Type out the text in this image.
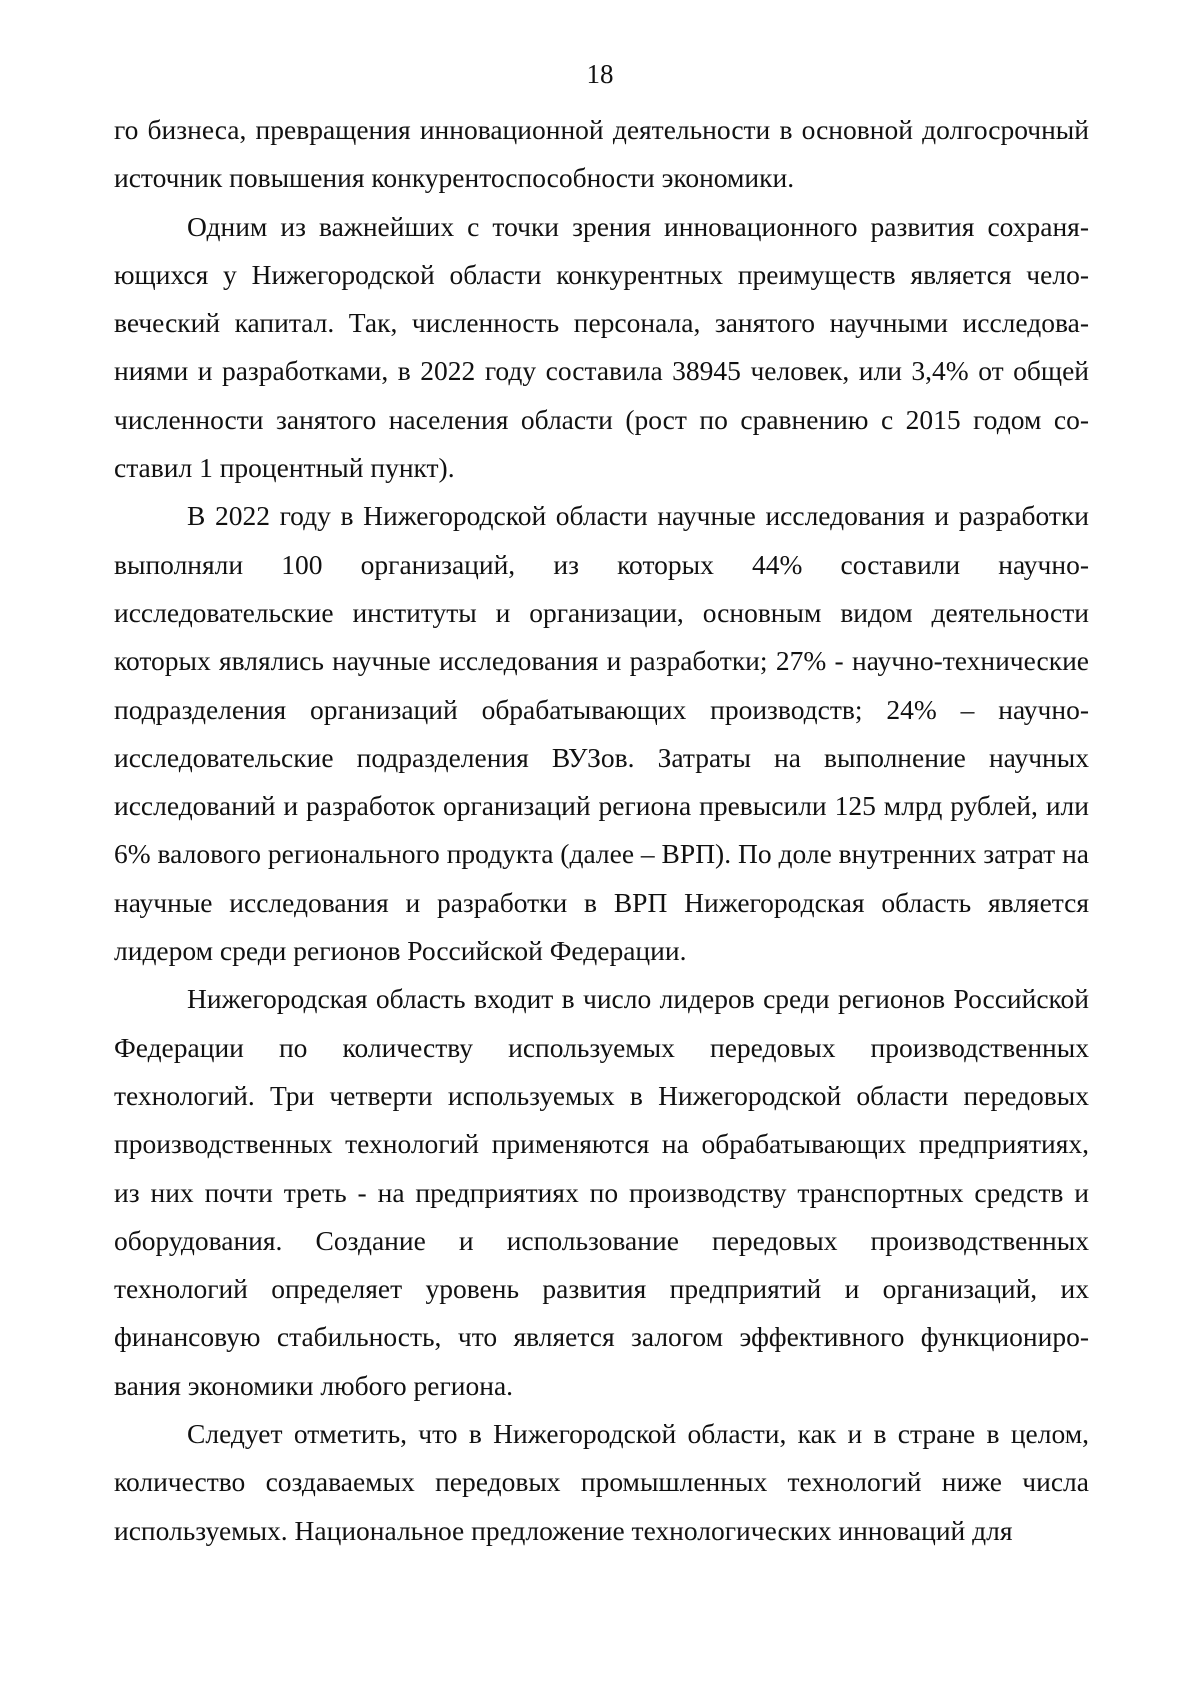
18

го бизнеса, превращения инновационной деятельности в основной долгосрочный источник повышения конкурентоспособности экономики.

Одним из важнейших с точки зрения инновационного развития сохраняющихся у Нижегородской области конкурентных преимуществ является человеческий капитал. Так, численность персонала, занятого научными исследованиями и разработками, в 2022 году составила 38945 человек, или 3,4% от общей численности занятого населения области (рост по сравнению с 2015 годом составил 1 процентный пункт).

В 2022 году в Нижегородской области научные исследования и разработки выполняли 100 организаций, из которых 44% составили научно-исследовательские институты и организации, основным видом деятельности которых являлись научные исследования и разработки; 27% - научно-технические подразделения организаций обрабатывающих производств; 24% – научно-исследовательские подразделения ВУЗов. Затраты на выполнение научных исследований и разработок организаций региона превысили 125 млрд рублей, или 6% валового регионального продукта (далее – ВРП). По доле внутренних затрат на научные исследования и разработки в ВРП Нижегородская область является лидером среди регионов Российской Федерации.

Нижегородская область входит в число лидеров среди регионов Российской Федерации по количеству используемых передовых производственных технологий. Три четверти используемых в Нижегородской области передовых производственных технологий применяются на обрабатывающих предприятиях, из них почти треть - на предприятиях по производству транспортных средств и оборудования. Создание и использование передовых производственных технологий определяет уровень развития предприятий и организаций, их финансовую стабильность, что является залогом эффективного функционирования экономики любого региона.

Следует отметить, что в Нижегородской области, как и в стране в целом, количество создаваемых передовых промышленных технологий ниже числа используемых. Национальное предложение технологических инноваций для
